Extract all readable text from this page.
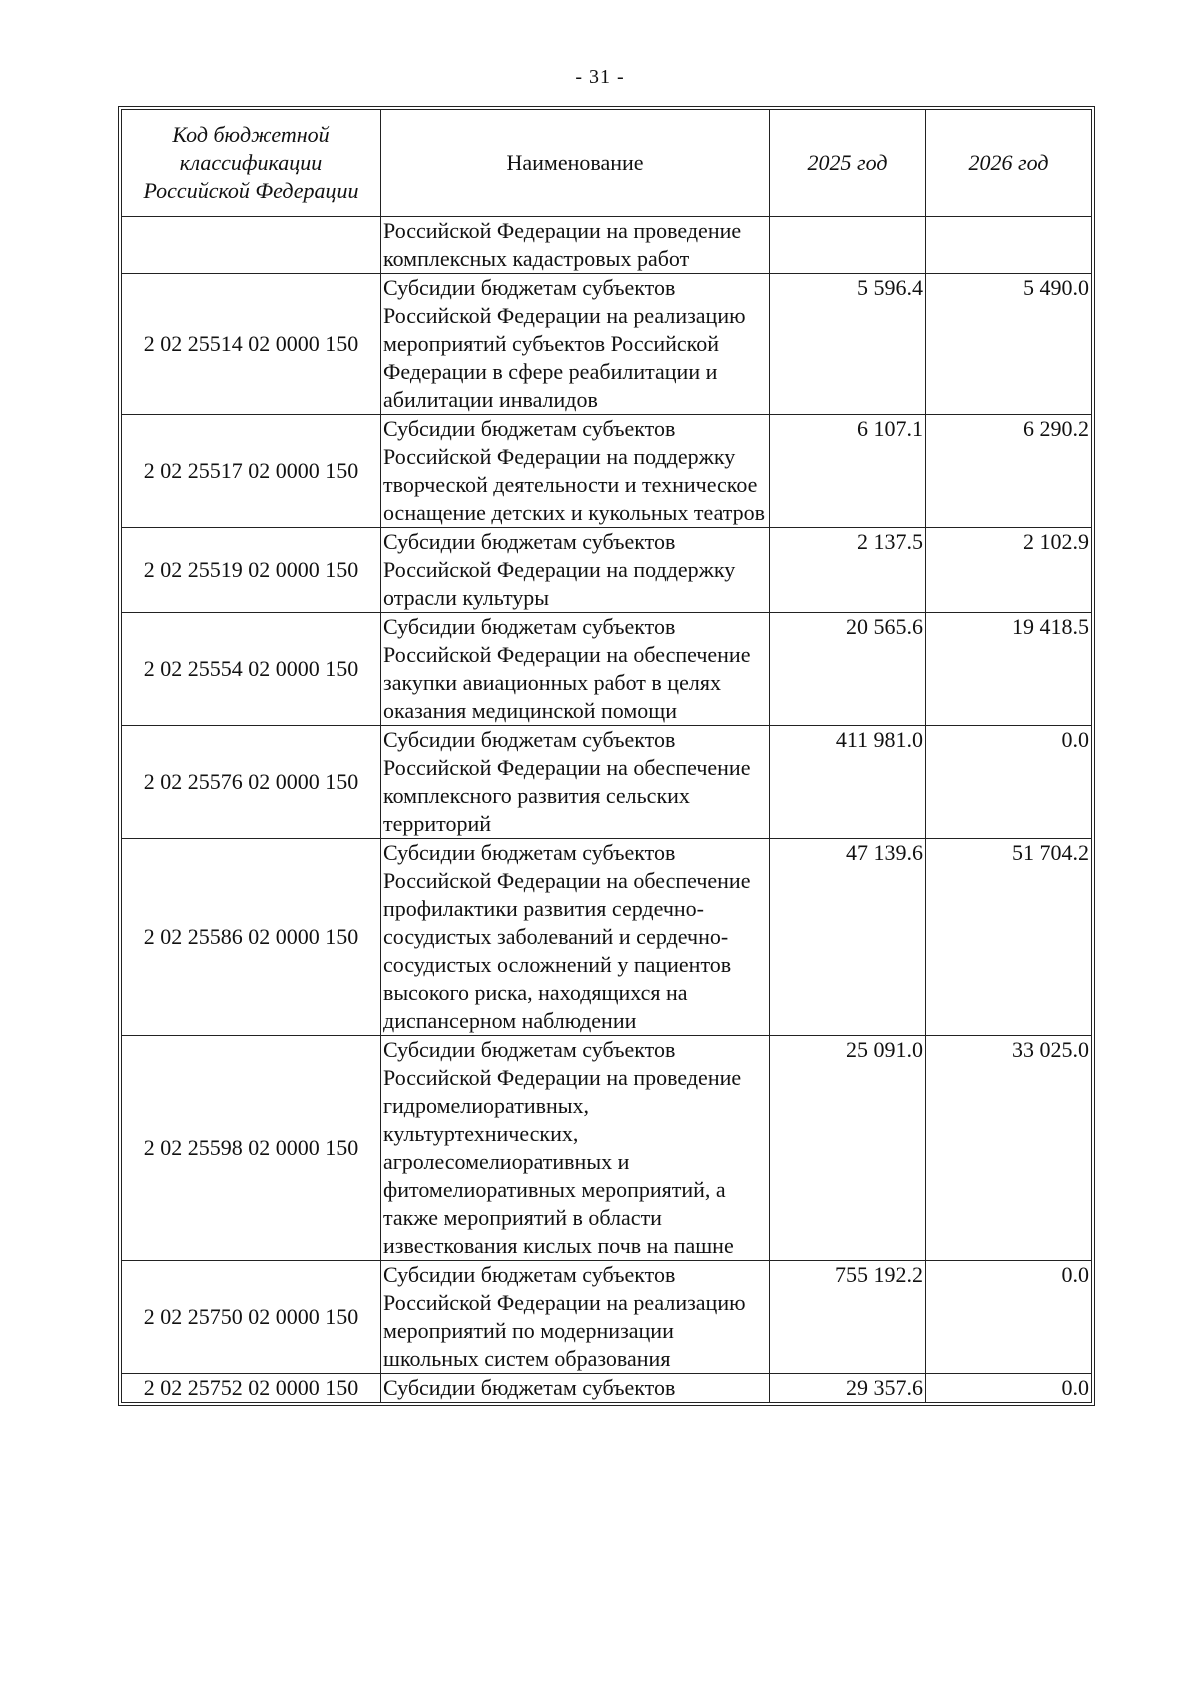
- 31 -
Код бюджетной классификации Российской Федерации	Наименование	2025 год	2026 год
	Российской Федерации на проведение комплексных кадастровых работ		
2 02 25514 02 0000 150	Субсидии бюджетам субъектов Российской Федерации на реализацию мероприятий субъектов Российской Федерации в сфере реабилитации и абилитации инвалидов	5 596.4	5 490.0
2 02 25517 02 0000 150	Субсидии бюджетам субъектов Российской Федерации на поддержку творческой деятельности и техническое оснащение детских и кукольных театров	6 107.1	6 290.2
2 02 25519 02 0000 150	Субсидии бюджетам субъектов Российской Федерации на поддержку отрасли культуры	2 137.5	2 102.9
2 02 25554 02 0000 150	Субсидии бюджетам субъектов Российской Федерации на обеспечение закупки авиационных работ в целях оказания медицинской помощи	20 565.6	19 418.5
2 02 25576 02 0000 150	Субсидии бюджетам субъектов Российской Федерации на обеспечение комплексного развития сельских территорий	411 981.0	0.0
2 02 25586 02 0000 150	Субсидии бюджетам субъектов Российской Федерации на обеспечение профилактики развития сердечно-сосудистых заболеваний и сердечно-сосудистых осложнений у пациентов высокого риска, находящихся на диспансерном наблюдении	47 139.6	51 704.2
2 02 25598 02 0000 150	Субсидии бюджетам субъектов Российской Федерации на проведение гидромелиоративных, культуртехнических, агролесомелиоративных и фитомелиоративных мероприятий, а также мероприятий в области известкования кислых почв на пашне	25 091.0	33 025.0
2 02 25750 02 0000 150	Субсидии бюджетам субъектов Российской Федерации на реализацию мероприятий по модернизации школьных систем образования	755 192.2	0.0
2 02 25752 02 0000 150	Субсидии бюджетам субъектов	29 357.6	0.0
